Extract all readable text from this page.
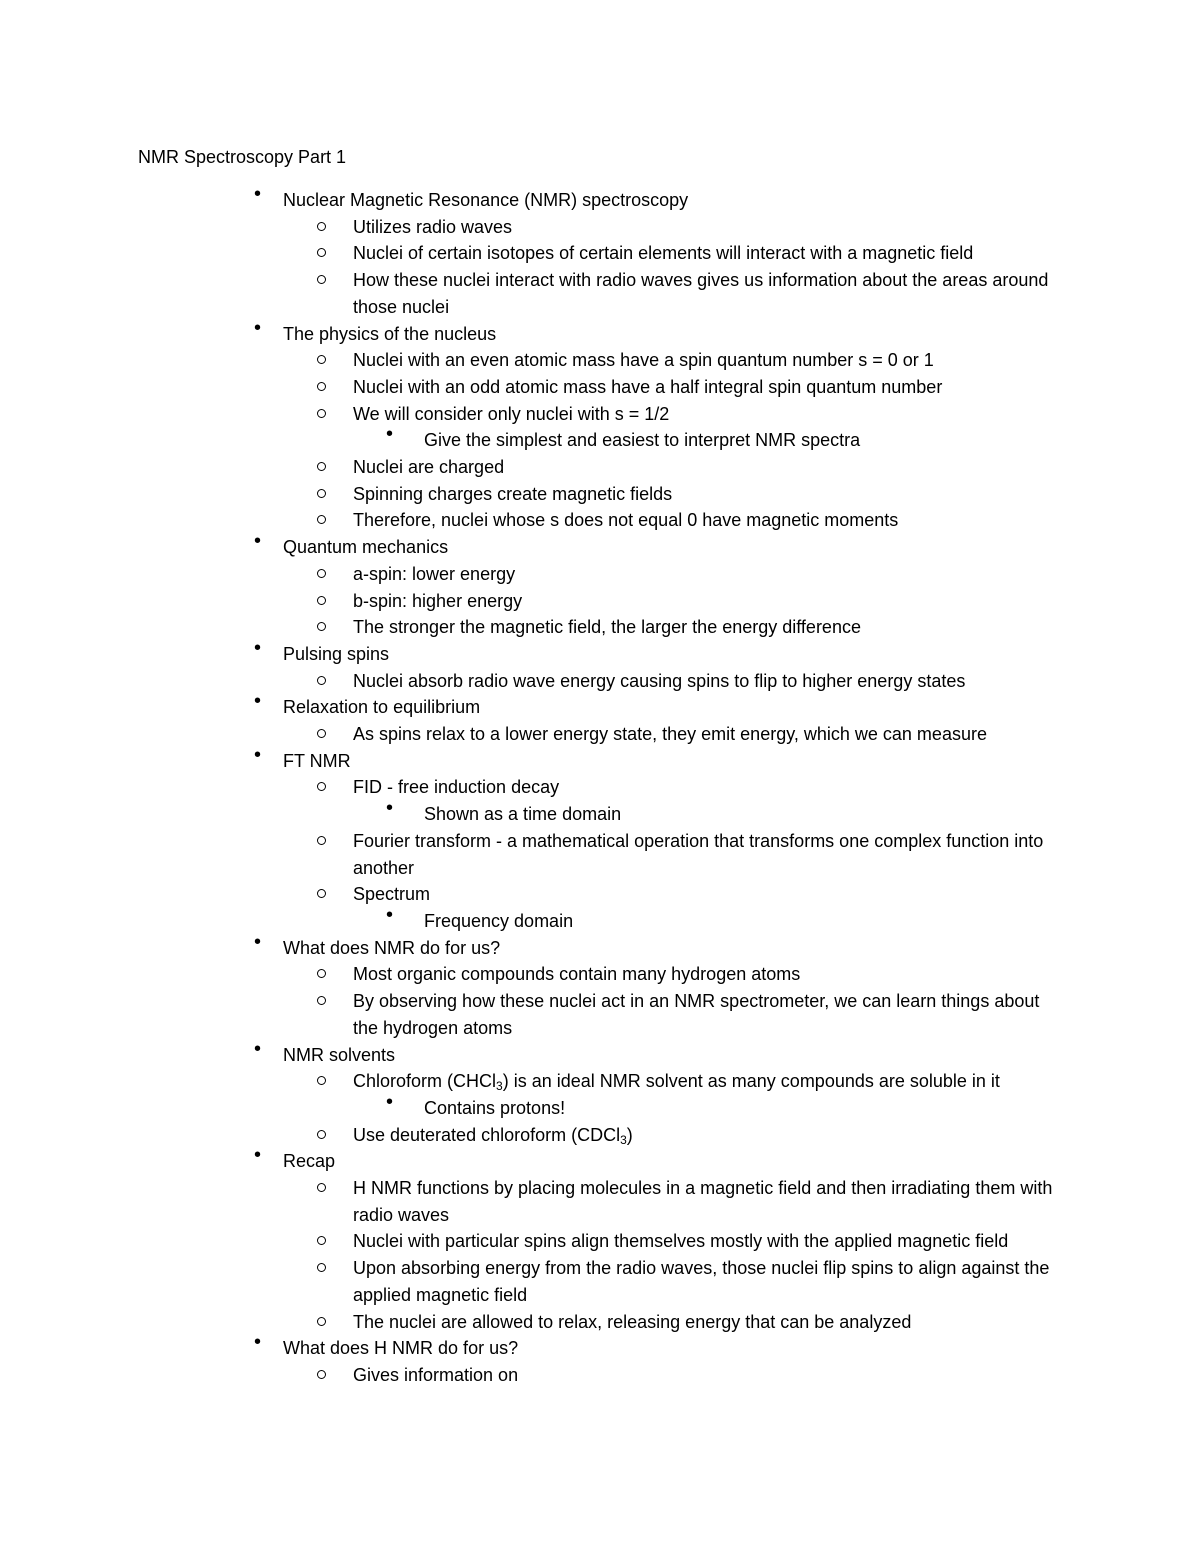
NMR Spectroscopy Part 1
• Nuclear Magnetic Resonance (NMR) spectroscopy
Utilizes radio waves
Nuclei of certain isotopes of certain elements will interact with a magnetic field
How these nuclei interact with radio waves gives us information about the areas around those nuclei
• The physics of the nucleus
Nuclei with an even atomic mass have a spin quantum number s = 0 or 1
Nuclei with an odd atomic mass have a half integral spin quantum number
We will consider only nuclei with s = 1/2
• Give the simplest and easiest to interpret NMR spectra
Nuclei are charged
Spinning charges create magnetic fields
Therefore, nuclei whose s does not equal 0 have magnetic moments
• Quantum mechanics
a-spin: lower energy
b-spin: higher energy
The stronger the magnetic field, the larger the energy difference
• Pulsing spins
Nuclei absorb radio wave energy causing spins to flip to higher energy states
• Relaxation to equilibrium
As spins relax to a lower energy state, they emit energy, which we can measure
• FT NMR
FID - free induction decay
• Shown as a time domain
Fourier transform - a mathematical operation that transforms one complex function into another
Spectrum
• Frequency domain
• What does NMR do for us?
Most organic compounds contain many hydrogen atoms
By observing how these nuclei act in an NMR spectrometer, we can learn things about the hydrogen atoms
• NMR solvents
Chloroform (CHCl$_3$) is an ideal NMR solvent as many compounds are soluble in it
• Contains protons!
Use deuterated chloroform (CDCl$_3$)
• Recap
H NMR functions by placing molecules in a magnetic field and then irradiating them with radio waves
Nuclei with particular spins align themselves mostly with the applied magnetic field
Upon absorbing energy from the radio waves, those nuclei flip spins to align against the applied magnetic field
The nuclei are allowed to relax, releasing energy that can be analyzed
• What does H NMR do for us?
Gives information on
